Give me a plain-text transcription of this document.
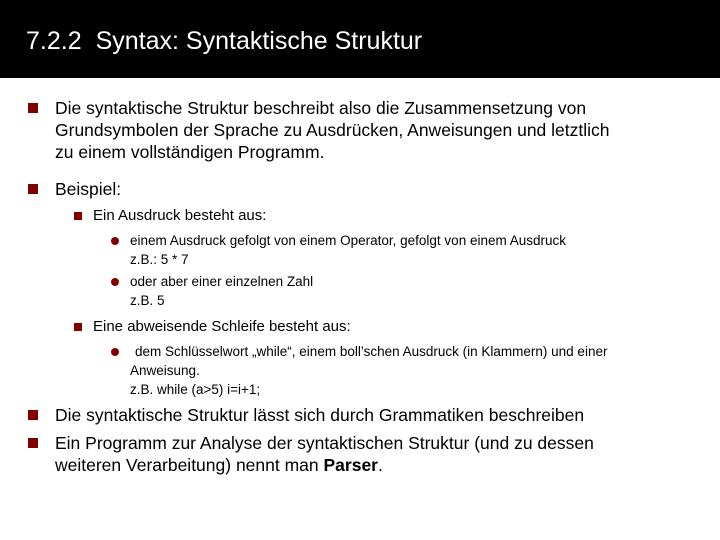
7.2.2 Syntax: Syntaktische Struktur
Die syntaktische Struktur beschreibt also die Zusammensetzung von
Grundsymbolen der Sprache zu Ausdrücken, Anweisungen und letztlich
zu einem vollständigen Programm.
Beispiel:
Ein Ausdruck besteht aus:
einem Ausdruck gefolgt von einem Operator, gefolgt von einem Ausdruck
z.B.: 5 * 7
oder aber einer einzelnen Zahl
z.B. 5
Eine abweisende Schleife besteht aus:
dem Schlüsselwort „while“, einem boll’schen Ausdruck (in Klammern) und einer
Anweisung.
z.B. while (a>5) i=i+1;
Die syntaktische Struktur lässt sich durch Grammatiken beschreiben
Ein Programm zur Analyse der syntaktischen Struktur (und zu dessen
weiteren Verarbeitung) nennt man Parser.
